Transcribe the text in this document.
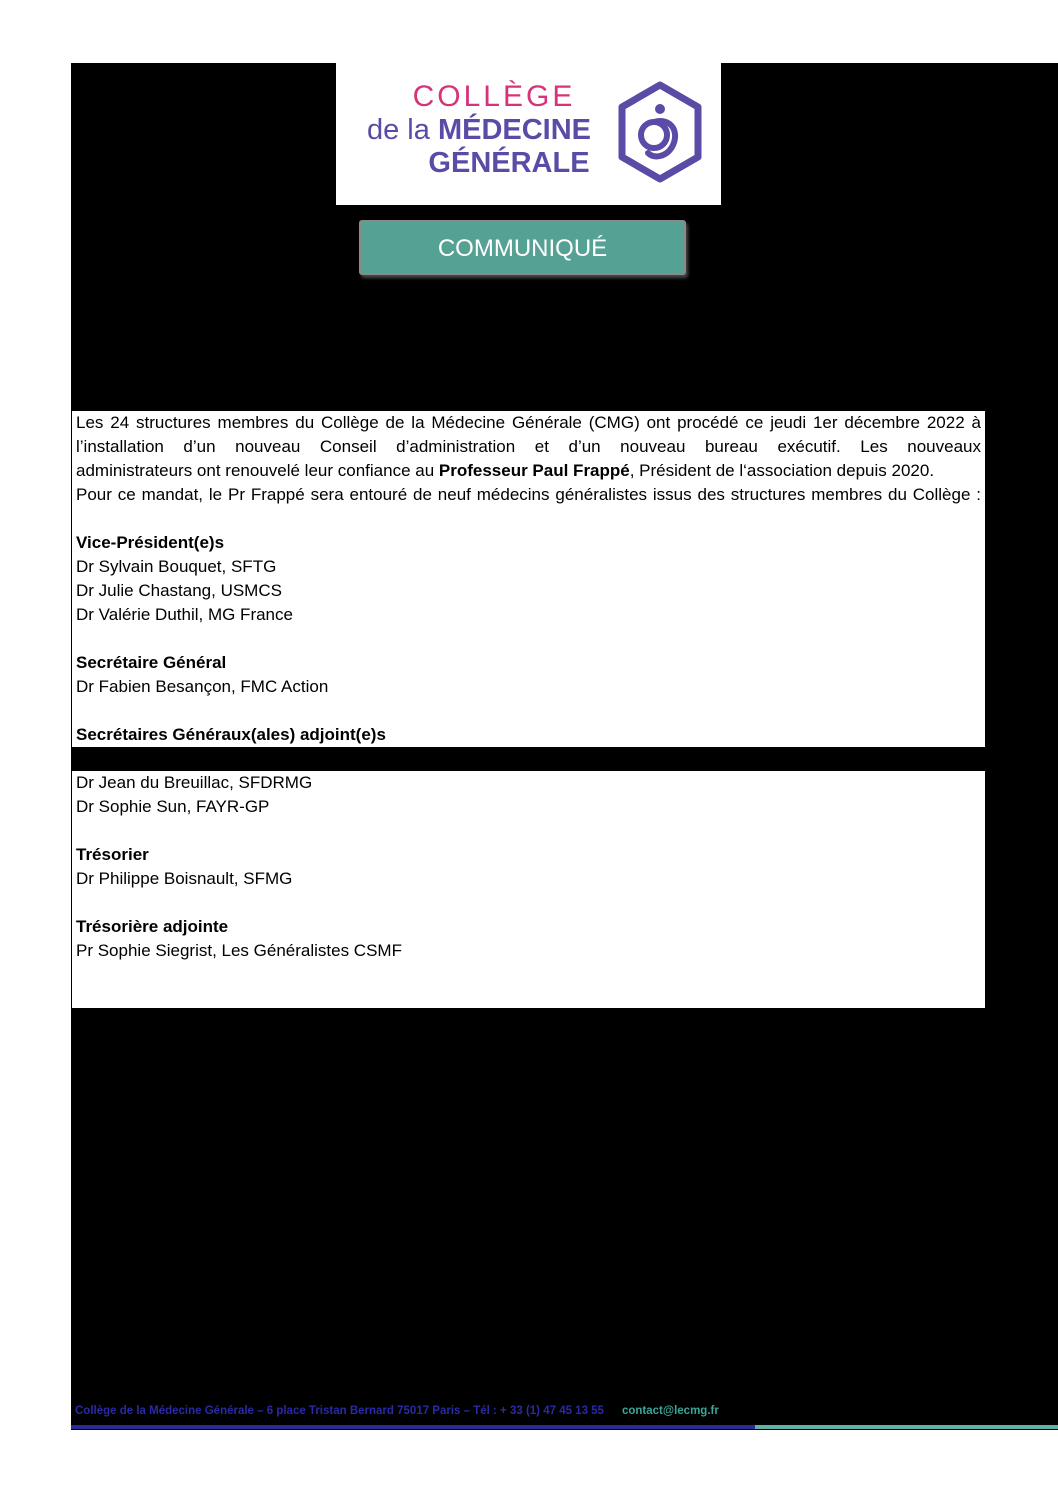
COLLÈGE
de la MÉDECINE
GÉNÉRALE
COMMUNIQUÉ

Les 24 structures membres du Collège de la Médecine Générale (CMG) ont procédé ce jeudi 1er décembre 2022 à

l’installation d’un nouveau Conseil d’administration et d’un nouveau bureau exécutif. Les nouveaux

administrateurs ont renouvelé leur confiance au Professeur Paul Frappé, Président de l‘association depuis 2020.

Pour ce mandat, le Pr Frappé sera entouré de neuf médecins généralistes issus des structures membres du Collège :

Vice-Président(e)s

Dr Sylvain Bouquet, SFTG

Dr Julie Chastang, USMCS

Dr Valérie Duthil, MG France

Secrétaire Général

Dr Fabien Besançon, FMC Action

Secrétaires Généraux(ales) adjoint(e)s

Dr Jean du Breuillac, SFDRMG

Dr Sophie Sun, FAYR-GP

Trésorier

Dr Philippe Boisnault, SFMG

Trésorière adjointe

Pr Sophie Siegrist, Les Généralistes CSMF

Collège de la Médecine Générale – 6 place Tristan Bernard 75017 Paris – Tél : + 33 (1) 47 45 13 55 contact@lecmg.fr
